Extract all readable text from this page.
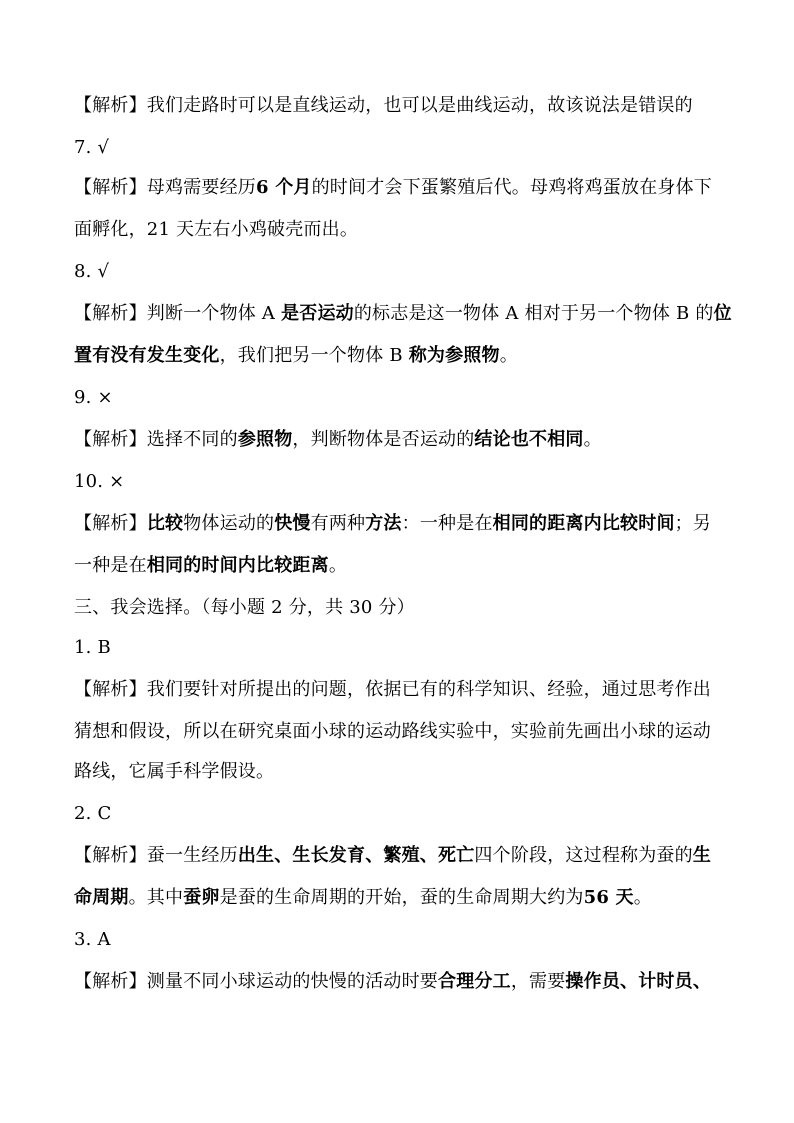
【解析】我们走路时可以是直线运动，也可以是曲线运动，故该说法是错误的
7. √
【解析】母鸡需要经历6 个月的时间才会下蛋繁殖后代。母鸡将鸡蛋放在身体下
面孵化，21 天左右小鸡破壳而出。
8. √
【解析】判断一个物体 A 是否运动的标志是这一物体 A 相对于另一个物体 B 的位
置有没有发生变化，我们把另一个物体 B 称为参照物。
9. ×
【解析】选择不同的参照物，判断物体是否运动的结论也不相同。
10. ×
【解析】比较物体运动的快慢有两种方法：一种是在相同的距离内比较时间；另
一种是在相同的时间内比较距离。
三、我会选择。（每小题 2 分，共 30 分）
1. B
【解析】我们要针对所提出的问题，依据已有的科学知识、经验，通过思考作出
猜想和假设，所以在研究桌面小球的运动路线实验中，实验前先画出小球的运动
路线，它属手科学假设。
2. C
【解析】蚕一生经历出生、生长发育、繁殖、死亡四个阶段，这过程称为蚕的生
命周期。其中蚕卵是蚕的生命周期的开始，蚕的生命周期大约为56 天。
3. A
【解析】测量不同小球运动的快慢的活动时要合理分工，需要操作员、计时员、
